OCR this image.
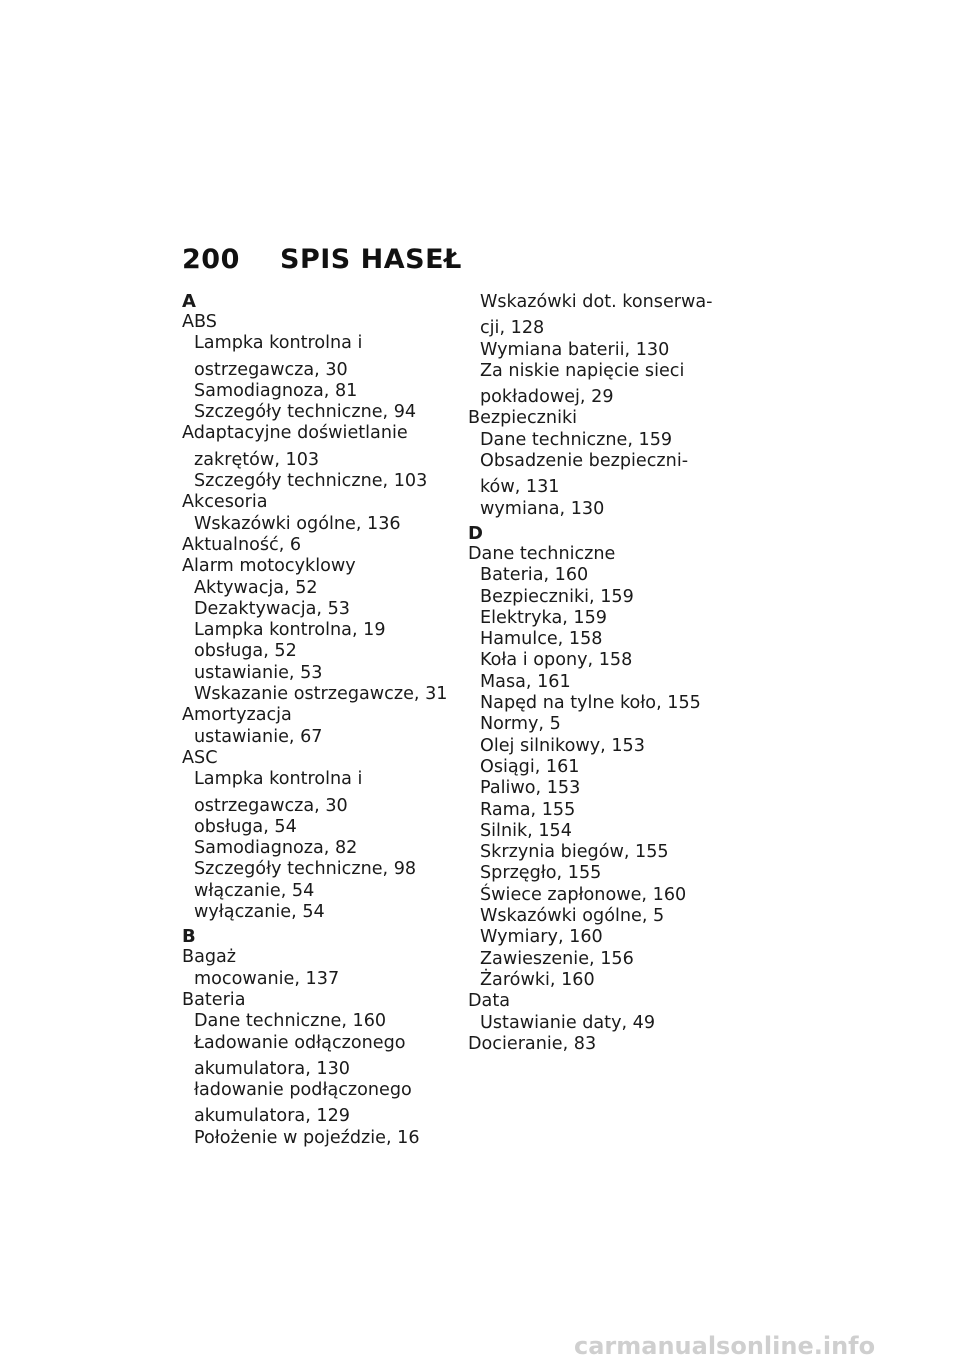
200 SPIS HASEŁ
A
ABS
Lampka kontrolna i
ostrzegawcza, 30
Samodiagnoza, 81
Szczegóły techniczne, 94
Adaptacyjne doświetlanie
zakrętów, 103
Szczegóły techniczne, 103
Akcesoria
Wskazówki ogólne, 136
Aktualność, 6
Alarm motocyklowy
Aktywacja, 52
Dezaktywacja, 53
Lampka kontrolna, 19
obsługa, 52
ustawianie, 53
Wskazanie ostrzegawcze, 31
Amortyzacja
ustawianie, 67
ASC
Lampka kontrolna i
ostrzegawcza, 30
obsługa, 54
Samodiagnoza, 82
Szczegóły techniczne, 98
włączanie, 54
wyłączanie, 54
B
Bagaż
mocowanie, 137
Bateria
Dane techniczne, 160
Ładowanie odłączonego
akumulatora, 130
ładowanie podłączonego
akumulatora, 129
Położenie w pojeździe, 16
Wskazówki dot. konserwa-
cji, 128
Wymiana baterii, 130
Za niskie napięcie sieci
pokładowej, 29
Bezpieczniki
Dane techniczne, 159
Obsadzenie bezpieczni-
ków, 131
wymiana, 130
D
Dane techniczne
Bateria, 160
Bezpieczniki, 159
Elektryka, 159
Hamulce, 158
Koła i opony, 158
Masa, 161
Napęd na tylne koło, 155
Normy, 5
Olej silnikowy, 153
Osiągi, 161
Paliwo, 153
Rama, 155
Silnik, 154
Skrzynia biegów, 155
Sprzęgło, 155
Świece zapłonowe, 160
Wskazówki ogólne, 5
Wymiary, 160
Zawieszenie, 156
Żarówki, 160
Data
Ustawianie daty, 49
Docieranie, 83
carmanualsonline.info
